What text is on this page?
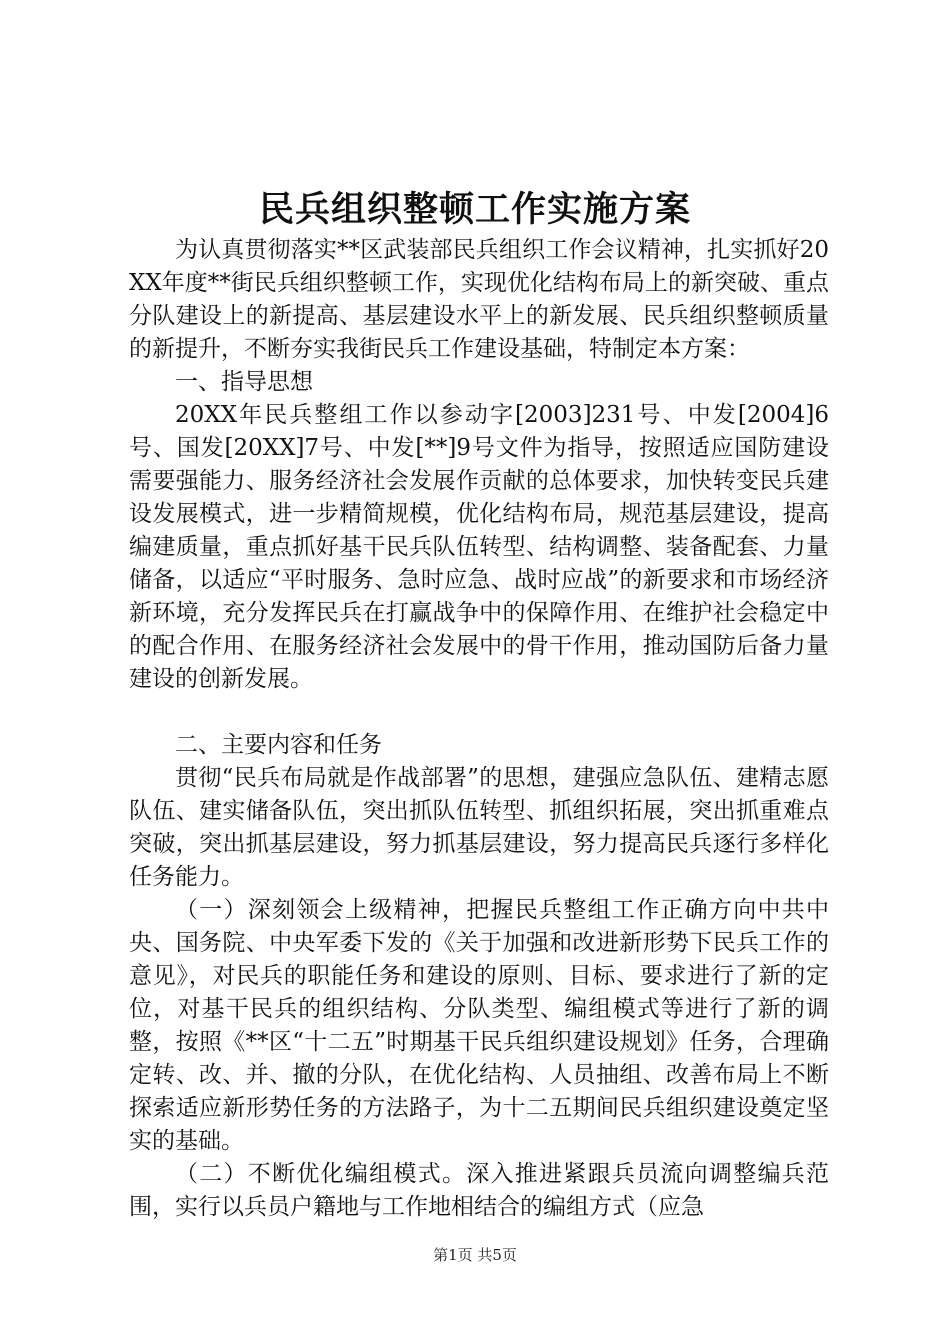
民兵组织整顿工作实施方案

为认真贯彻落实**区武装部民兵组织工作会议精神，扎实抓好20XX年度**街民兵组织整顿工作，实现优化结构布局上的新突破、重点分队建设上的新提高、基层建设水平上的新发展、民兵组织整顿质量的新提升，不断夯实我街民兵工作建设基础，特制定本方案：

一、指导思想

20XX年民兵整组工作以参动字[2003]231号、中发[2004]6号、国发[20XX]7号、中发[**]9号文件为指导，按照适应国防建设需要强能力、服务经济社会发展作贡献的总体要求，加快转变民兵建设发展模式，进一步精简规模，优化结构布局，规范基层建设，提高编建质量，重点抓好基干民兵队伍转型、结构调整、装备配套、力量储备，以适应“平时服务、急时应急、战时应战”的新要求和市场经济新环境，充分发挥民兵在打赢战争中的保障作用、在维护社会稳定中的配合作用、在服务经济社会发展中的骨干作用，推动国防后备力量建设的创新发展。

二、主要内容和任务

贯彻“民兵布局就是作战部署”的思想，建强应急队伍、建精志愿队伍、建实储备队伍，突出抓队伍转型、抓组织拓展，突出抓重难点突破，突出抓基层建设，努力抓基层建设，努力提高民兵逐行多样化任务能力。

（一）深刻领会上级精神，把握民兵整组工作正确方向中共中央、国务院、中央军委下发的《关于加强和改进新形势下民兵工作的意见》，对民兵的职能任务和建设的原则、目标、要求进行了新的定位，对基干民兵的组织结构、分队类型、编组模式等进行了新的调整，按照《**区“十二五”时期基干民兵组织建设规划》任务，合理确定转、改、并、撤的分队，在优化结构、人员抽组、改善布局上不断探索适应新形势任务的方法路子，为十二五期间民兵组织建设奠定坚实的基础。

（二）不断优化编组模式。深入推进紧跟兵员流向调整编兵范围，实行以兵员户籍地与工作地相结合的编组方式（应急

第1页 共5页
